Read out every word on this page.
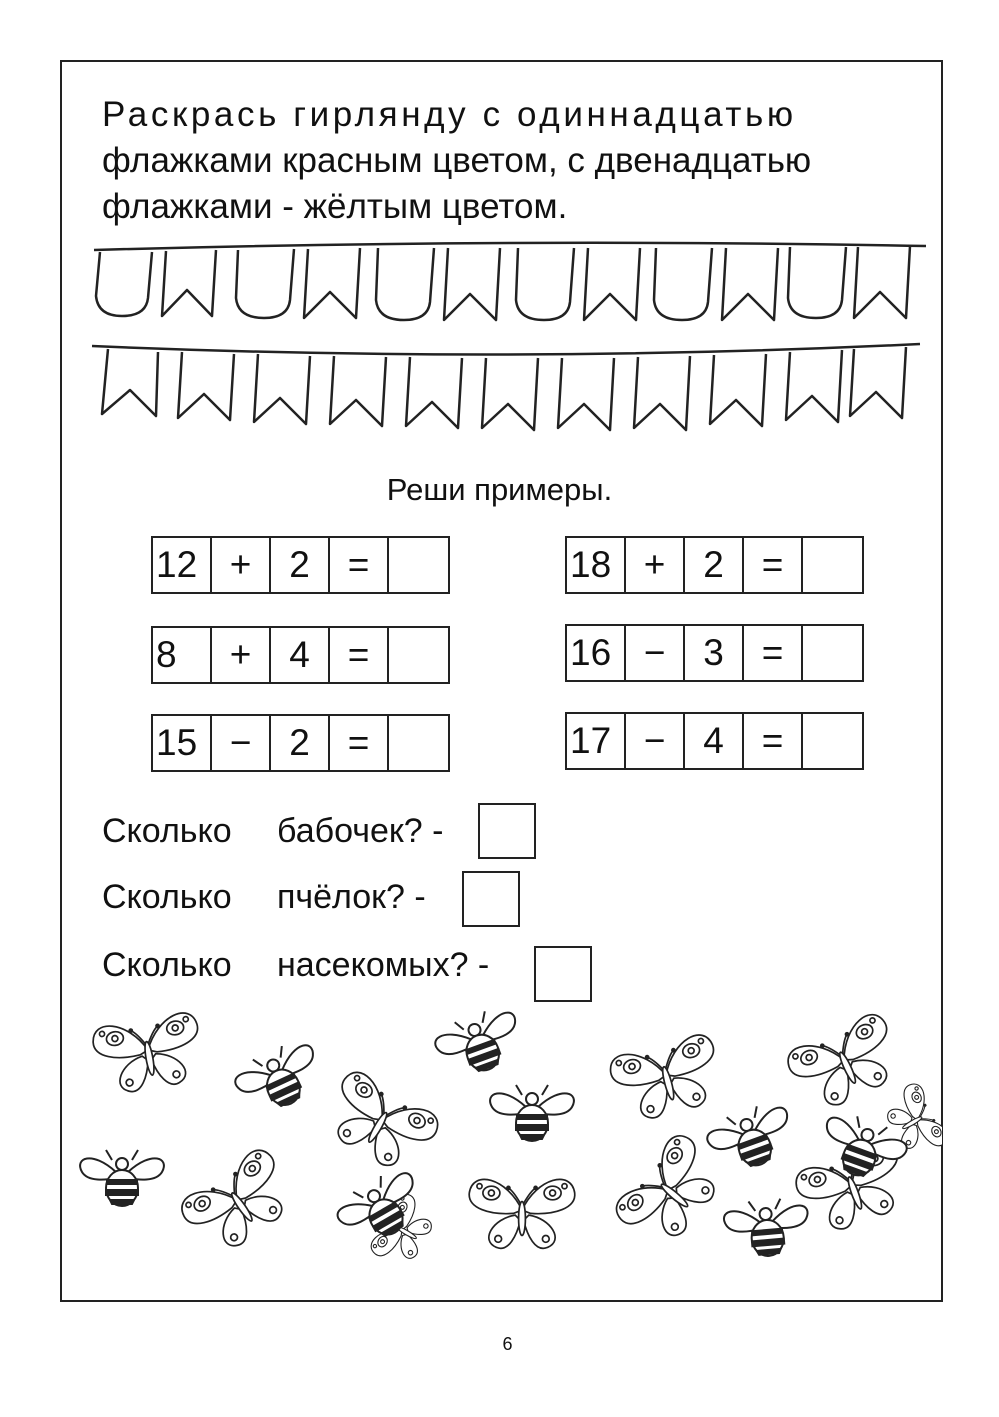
Раскрась гирлянду с одиннадцатью
флажками красным цветом, с двенадцатью
флажками - жёлтым цветом.
Реши примеры.
12 +	2	=
8	+	4	=
15 −	2	=
18 +	2	=
16 −	3	=
17 −	4	=
Сколько бабочек? -
Сколько пчёлок? -
Сколько насекомых? -
6
